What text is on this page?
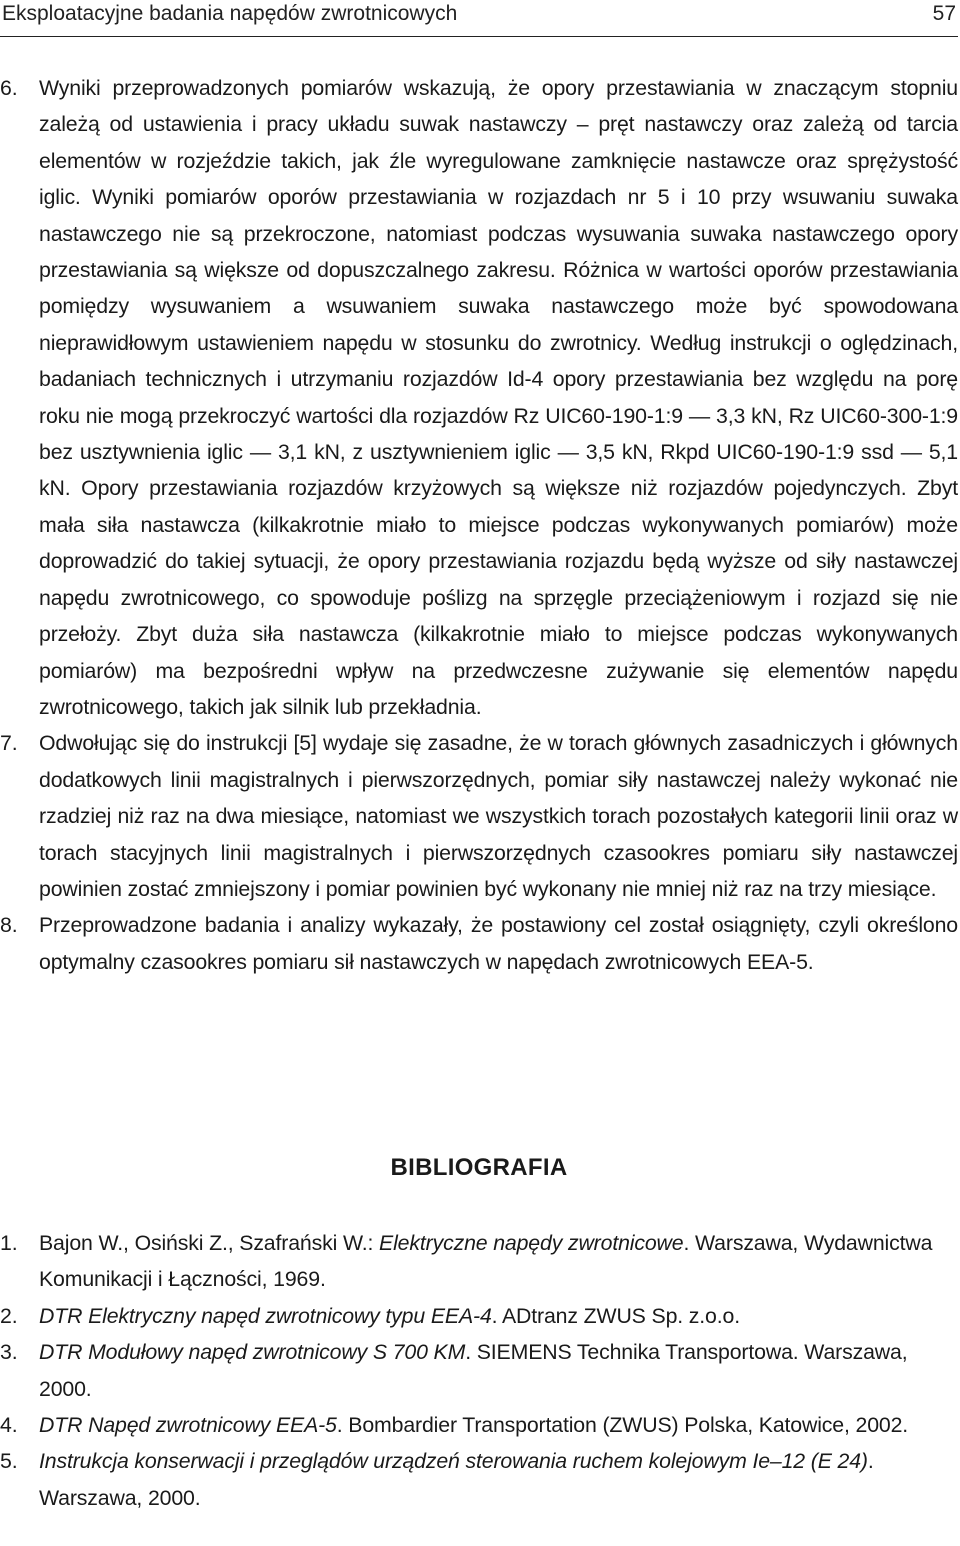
Eksploatacyjne badania napędów zwrotnicowych	57

6. Wyniki przeprowadzonych pomiarów wskazują, że opory przestawiania w znaczącym stopniu zależą od ustawienia i pracy układu suwak nastawczy – pręt nastawczy oraz zależą od tarcia elementów w rozjeździe takich, jak źle wyregulowane zamknięcie nastawcze oraz sprężystość iglic. Wyniki pomiarów oporów przestawiania w rozjazdach nr 5 i 10 przy wsuwaniu suwaka nastawczego nie są przekroczone, natomiast podczas wysuwania suwaka nastawczego opory przestawiania są większe od dopuszczalnego zakresu. Różnica w wartości oporów przestawiania pomiędzy wysuwaniem a wsuwaniem suwaka nastawczego może być spowodowana nieprawidłowym ustawieniem napędu w stosunku do zwrotnicy. Według instrukcji o oględzinach, badaniach technicznych i utrzymaniu rozjazdów Id-4 opory przestawiania bez względu na porę roku nie mogą przekroczyć wartości dla rozjazdów Rz UIC60-190-1:9 — 3,3 kN, Rz UIC60-300-1:9 bez usztywnienia iglic — 3,1 kN, z usztywnieniem iglic — 3,5 kN, Rkpd UIC60-190-1:9 ssd — 5,1 kN. Opory przestawiania rozjazdów krzyżowych są większe niż rozjazdów pojedynczych. Zbyt mała siła nastawcza (kilkakrotnie miało to miejsce podczas wykonywanych pomiarów) może doprowadzić do takiej sytuacji, że opory przestawiania rozjazdu będą wyższe od siły nastawczej napędu zwrotnicowego, co spowoduje poślizg na sprzęgle przeciążeniowym i rozjazd się nie przełoży. Zbyt duża siła nastawcza (kilkakrotnie miało to miejsce podczas wykonywanych pomiarów) ma bezpośredni wpływ na przedwczesne zużywanie się elementów napędu zwrotnicowego, takich jak silnik lub przekładnia.

7. Odwołując się do instrukcji [5] wydaje się zasadne, że w torach głównych zasadniczych i głównych dodatkowych linii magistralnych i pierwszorzędnych, pomiar siły nastawczej należy wykonać nie rzadziej niż raz na dwa miesiące, natomiast we wszystkich torach pozostałych kategorii linii oraz w torach stacyjnych linii magistralnych i pierwszorzędnych czasookres pomiaru siły nastawczej powinien zostać zmniejszony i pomiar powinien być wykonany nie mniej niż raz na trzy miesiące.

8. Przeprowadzone badania i analizy wykazały, że postawiony cel został osiągnięty, czyli określono optymalny czasookres pomiaru sił nastawczych w napędach zwrotnicowych EEA-5.

BIBLIOGRAFIA

1. Bajon W., Osiński Z., Szafrański W.: Elektryczne napędy zwrotnicowe. Warszawa, Wydawnictwa Komunikacji i Łączności, 1969.

2. DTR Elektryczny napęd zwrotnicowy typu EEA-4. ADtranz ZWUS Sp. z.o.o.

3. DTR Modułowy napęd zwrotnicowy S 700 KM. SIEMENS Technika Transportowa. Warszawa, 2000.

4. DTR Napęd zwrotnicowy EEA-5. Bombardier Transportation (ZWUS) Polska, Katowice, 2002.

5. Instrukcja konserwacji i przeglądów urządzeń sterowania ruchem kolejowym Ie–12 (E 24). Warszawa, 2000.
